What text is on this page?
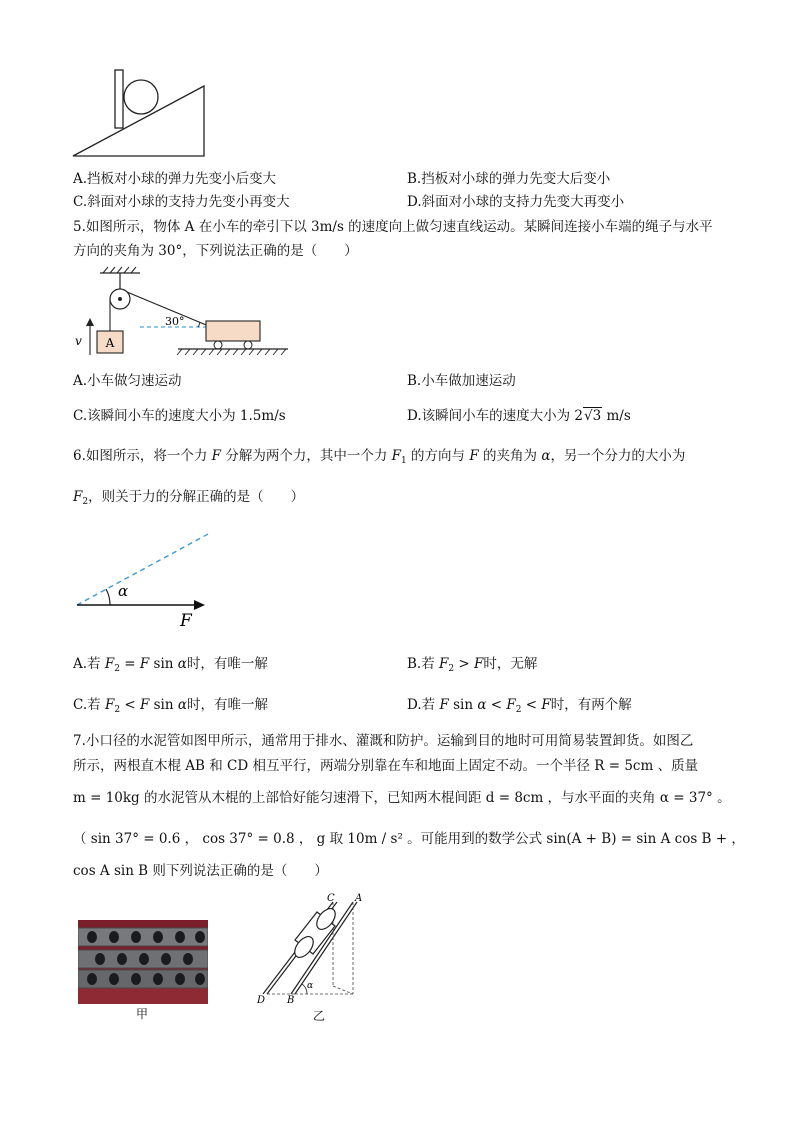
A.挡板对小球的弹力先变小后变大	B.挡板对小球的弹力先变大后变小
C.斜面对小球的支持力先变小再变大	D.斜面对小球的支持力先变大再变小
5.如图所示，物体 A 在小车的牵引下以 3m/s 的速度向上做匀速直线运动。某瞬间连接小车端的绳子与水平
方向的夹角为 30°，下列说法正确的是（　　）
A
v
30°
A.小车做匀速运动	B.小车做加速运动
C.该瞬间小车的速度大小为 1.5m/s	D.该瞬间小车的速度大小为 2√3 m/s
6.如图所示，将一个力 F 分解为两个力，其中一个力 $F_1$ 的方向与 F 的夹角为 α，另一个分力的大小为
$F_2$，则关于力的分解正确的是（　　）
α
F
A.若 $F_2 = F$ sin α时，有唯一解	B.若 $F_2 > F$时，无解
C.若 $F_2 < F$ sin α时，有唯一解	D.若 F $\sin \alpha < F_2 < F$时，有两个解
7.小口径的水泥管如图甲所示，通常用于排水、灌溉和防护。运输到目的地时可用简易装置卸货。如图乙
所示，两根直木棍 AB 和 CD 相互平行，两端分别靠在车和地面上固定不动。一个半径 R = 5cm 、质量
m = 10kg 的水泥管从木棍的上部恰好能匀速滑下，已知两木棍间距 d = 8cm ，与水平面的夹角 α = 37° 。
（ sin 37° = 0.6 ， cos 37° = 0.8 ， g 取 10m / s² 。可能用到的数学公式 sin(A + B) = sin A cos B + ，
cos A sin B 则下列说法正确的是（　　）
甲
α
C A
D B
乙
